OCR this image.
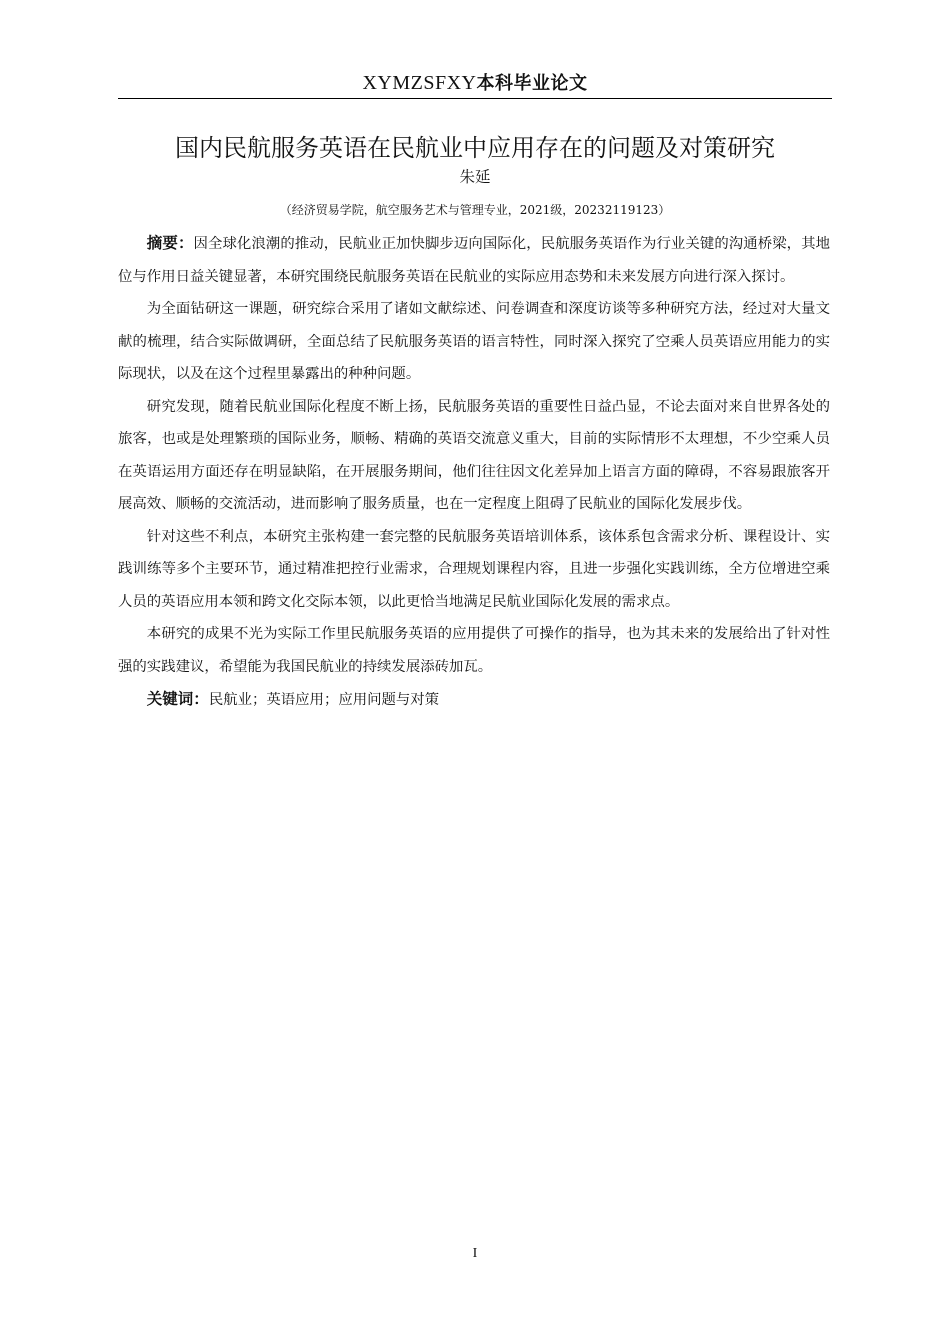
XYMZSFXY本科毕业论文
国内民航服务英语在民航业中应用存在的问题及对策研究
朱延
（经济贸易学院，航空服务艺术与管理专业，2021级，20232119123）

摘要：因全球化浪潮的推动，民航业正加快脚步迈向国际化，民航服务英语作为行业关键的沟通桥梁，其地位与作用日益关键显著，本研究围绕民航服务英语在民航业的实际应用态势和未来发展方向进行深入探讨。

为全面钻研这一课题，研究综合采用了诸如文献综述、问卷调查和深度访谈等多种研究方法，经过对大量文献的梳理，结合实际做调研，全面总结了民航服务英语的语言特性，同时深入探究了空乘人员英语应用能力的实际现状，以及在这个过程里暴露出的种种问题。

研究发现，随着民航业国际化程度不断上扬，民航服务英语的重要性日益凸显，不论去面对来自世界各处的旅客，也或是处理繁琐的国际业务，顺畅、精确的英语交流意义重大，目前的实际情形不太理想，不少空乘人员在英语运用方面还存在明显缺陷，在开展服务期间，他们往往因文化差异加上语言方面的障碍，不容易跟旅客开展高效、顺畅的交流活动，进而影响了服务质量，也在一定程度上阻碍了民航业的国际化发展步伐。

针对这些不利点，本研究主张构建一套完整的民航服务英语培训体系，该体系包含需求分析、课程设计、实践训练等多个主要环节，通过精准把控行业需求，合理规划课程内容，且进一步强化实践训练，全方位增进空乘人员的英语应用本领和跨文化交际本领，以此更恰当地满足民航业国际化发展的需求点。

本研究的成果不光为实际工作里民航服务英语的应用提供了可操作的指导，也为其未来的发展给出了针对性强的实践建议，希望能为我国民航业的持续发展添砖加瓦。

关键词：民航业；英语应用；应用问题与对策

I
